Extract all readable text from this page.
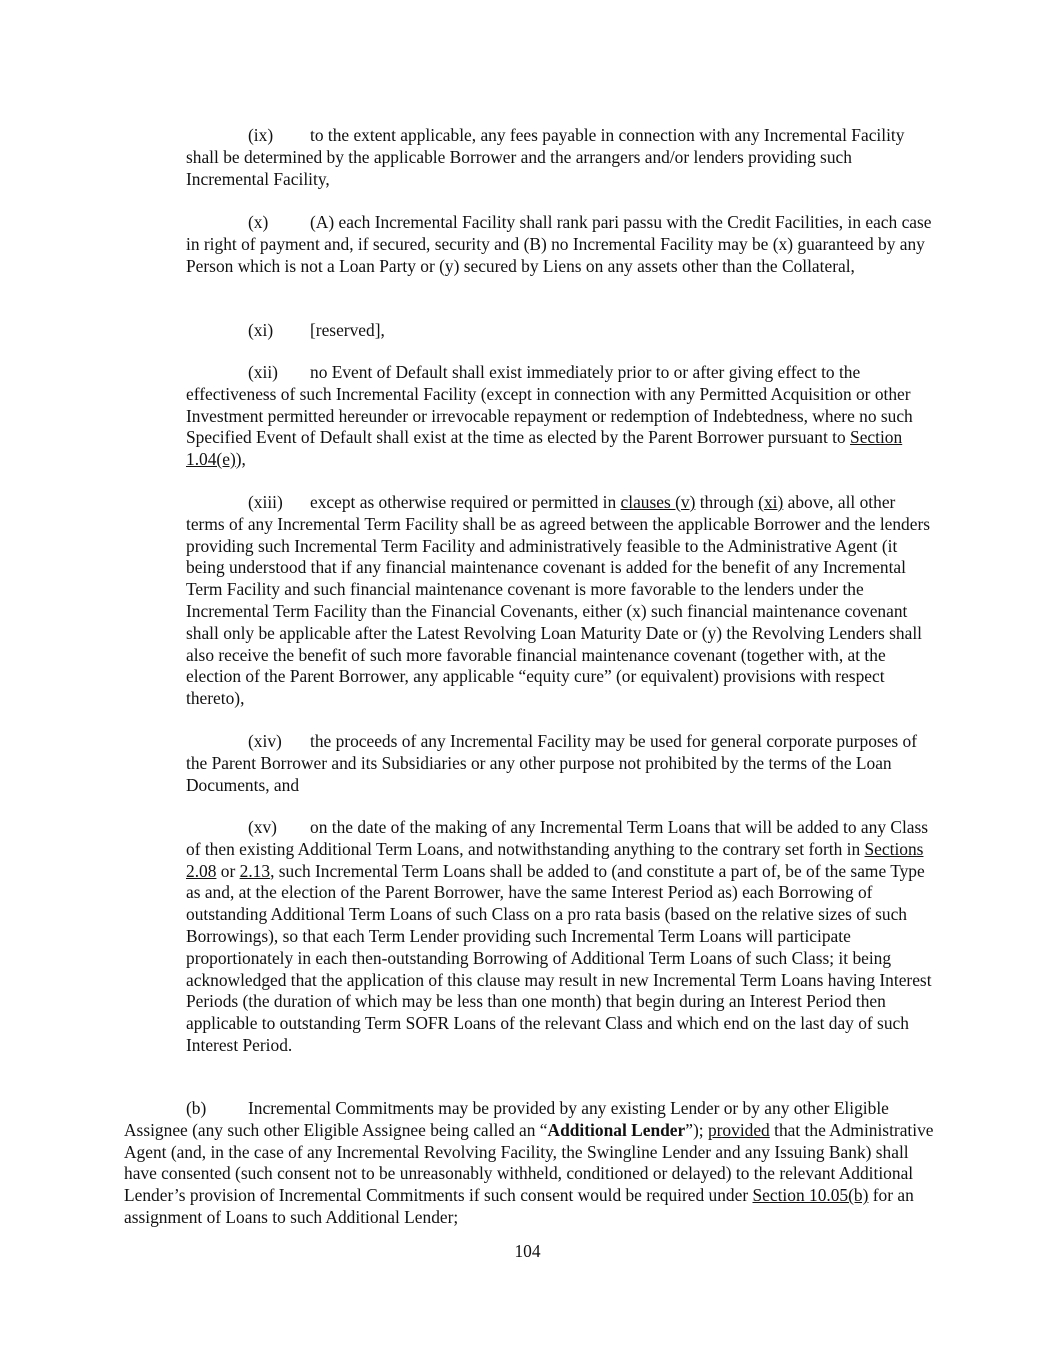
(ix) to the extent applicable, any fees payable in connection with any Incremental Facility shall be determined by the applicable Borrower and the arrangers and/or lenders providing such Incremental Facility,

(x) (A) each Incremental Facility shall rank pari passu with the Credit Facilities, in each case in right of payment and, if secured, security and (B) no Incremental Facility may be (x) guaranteed by any Person which is not a Loan Party or (y) secured by Liens on any assets other than the Collateral,

(xi) [reserved],

(xii) no Event of Default shall exist immediately prior to or after giving effect to the effectiveness of such Incremental Facility (except in connection with any Permitted Acquisition or other Investment permitted hereunder or irrevocable repayment or redemption of Indebtedness, where no such Specified Event of Default shall exist at the time as elected by the Parent Borrower pursuant to Section 1.04(e)),

(xiii) except as otherwise required or permitted in clauses (v) through (xi) above, all other terms of any Incremental Term Facility shall be as agreed between the applicable Borrower and the lenders providing such Incremental Term Facility and administratively feasible to the Administrative Agent (it being understood that if any financial maintenance covenant is added for the benefit of any Incremental Term Facility and such financial maintenance covenant is more favorable to the lenders under the Incremental Term Facility than the Financial Covenants, either (x) such financial maintenance covenant shall only be applicable after the Latest Revolving Loan Maturity Date or (y) the Revolving Lenders shall also receive the benefit of such more favorable financial maintenance covenant (together with, at the election of the Parent Borrower, any applicable “equity cure” (or equivalent) provisions with respect thereto),

(xiv) the proceeds of any Incremental Facility may be used for general corporate purposes of the Parent Borrower and its Subsidiaries or any other purpose not prohibited by the terms of the Loan Documents, and

(xv) on the date of the making of any Incremental Term Loans that will be added to any Class of then existing Additional Term Loans, and notwithstanding anything to the contrary set forth in Sections 2.08 or 2.13, such Incremental Term Loans shall be added to (and constitute a part of, be of the same Type as and, at the election of the Parent Borrower, have the same Interest Period as) each Borrowing of outstanding Additional Term Loans of such Class on a pro rata basis (based on the relative sizes of such Borrowings), so that each Term Lender providing such Incremental Term Loans will participate proportionately in each then-outstanding Borrowing of Additional Term Loans of such Class; it being acknowledged that the application of this clause may result in new Incremental Term Loans having Interest Periods (the duration of which may be less than one month) that begin during an Interest Period then applicable to outstanding Term SOFR Loans of the relevant Class and which end on the last day of such Interest Period.

(b) Incremental Commitments may be provided by any existing Lender or by any other Eligible Assignee (any such other Eligible Assignee being called an “Additional Lender”); provided that the Administrative Agent (and, in the case of any Incremental Revolving Facility, the Swingline Lender and any Issuing Bank) shall have consented (such consent not to be unreasonably withheld, conditioned or delayed) to the relevant Additional Lender’s provision of Incremental Commitments if such consent would be required under Section 10.05(b) for an assignment of Loans to such Additional Lender;

104
